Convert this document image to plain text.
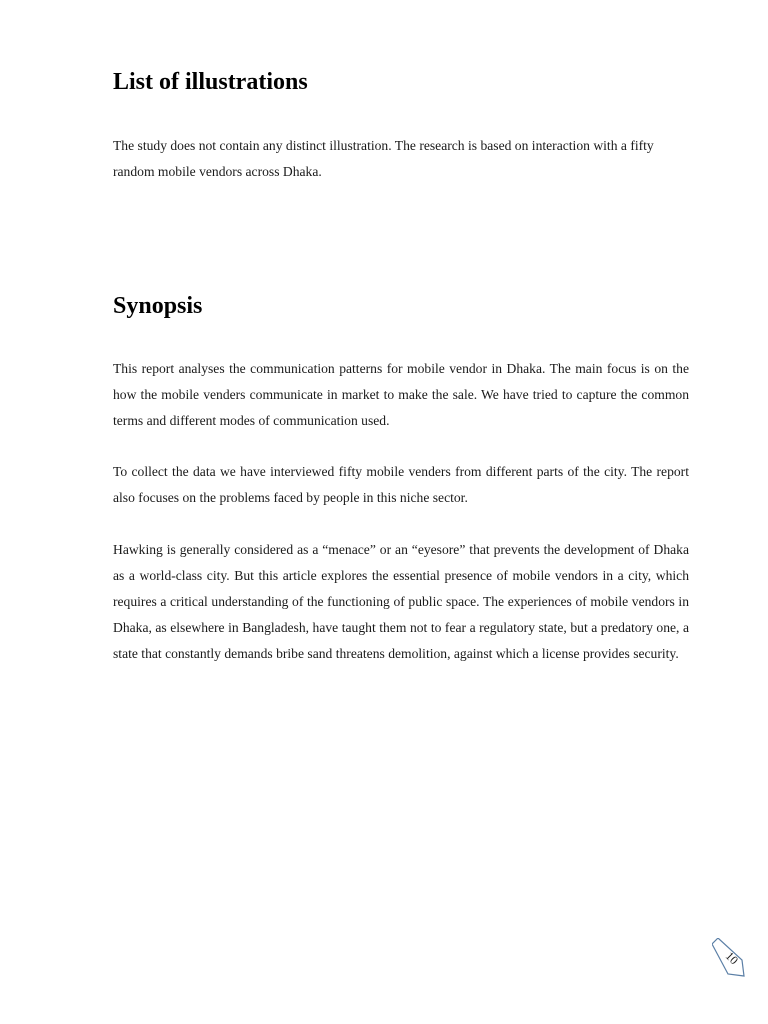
List of illustrations

The study does not contain any distinct illustration. The research is based on interaction with a fifty random mobile vendors across Dhaka.

Synopsis

This report analyses the communication patterns for mobile vendor in Dhaka. The main focus is on the how the mobile venders communicate in market to make the sale. We have tried to capture the common terms and different modes of communication used.

To collect the data we have interviewed fifty mobile venders from different parts of the city. The report also focuses on the problems faced by people in this niche sector.

Hawking is generally considered as a “menace” or an “eyesore” that prevents the development of Dhaka as a world-class city. But this article explores the essential presence of mobile vendors in a city, which requires a critical understanding of the functioning of public space. The experiences of mobile vendors in Dhaka, as elsewhere in Bangladesh, have taught them not to fear a regulatory state, but a predatory one, a state that constantly demands bribe sand threatens demolition, against which a license provides security.

10
